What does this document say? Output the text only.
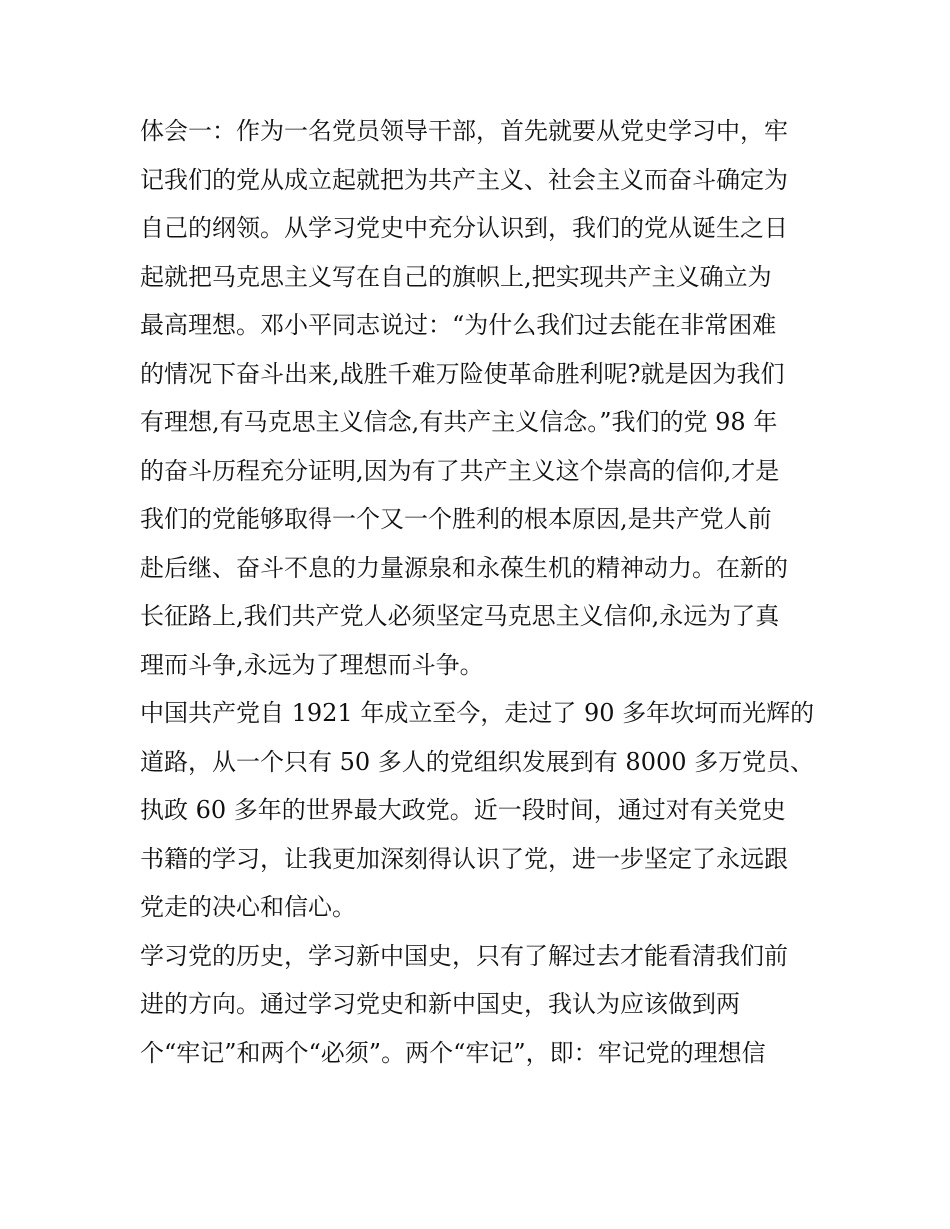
体会一：作为一名党员领导干部，首先就要从党史学习中，牢
记我们的党从成立起就把为共产主义、社会主义而奋斗确定为
自己的纲领。从学习党史中充分认识到，我们的党从诞生之日
起就把马克思主义写在自己的旗帜上,把实现共产主义确立为
最高理想。邓小平同志说过：“为什么我们过去能在非常困难
的情况下奋斗出来,战胜千难万险使革命胜利呢?就是因为我们
有理想,有马克思主义信念,有共产主义信念。”我们的党 98 年
的奋斗历程充分证明,因为有了共产主义这个崇高的信仰,才是
我们的党能够取得一个又一个胜利的根本原因,是共产党人前
赴后继、奋斗不息的力量源泉和永葆生机的精神动力。在新的
长征路上,我们共产党人必须坚定马克思主义信仰,永远为了真
理而斗争,永远为了理想而斗争。
中国共产党自 1921 年成立至今，走过了 90 多年坎坷而光辉的
道路，从一个只有 50 多人的党组织发展到有 8000 多万党员、
执政 60 多年的世界最大政党。近一段时间，通过对有关党史
书籍的学习，让我更加深刻得认识了党，进一步坚定了永远跟
党走的决心和信心。
学习党的历史，学习新中国史，只有了解过去才能看清我们前
进的方向。通过学习党史和新中国史，我认为应该做到两
个“牢记”和两个“必须”。两个“牢记”，即：牢记党的理想信
